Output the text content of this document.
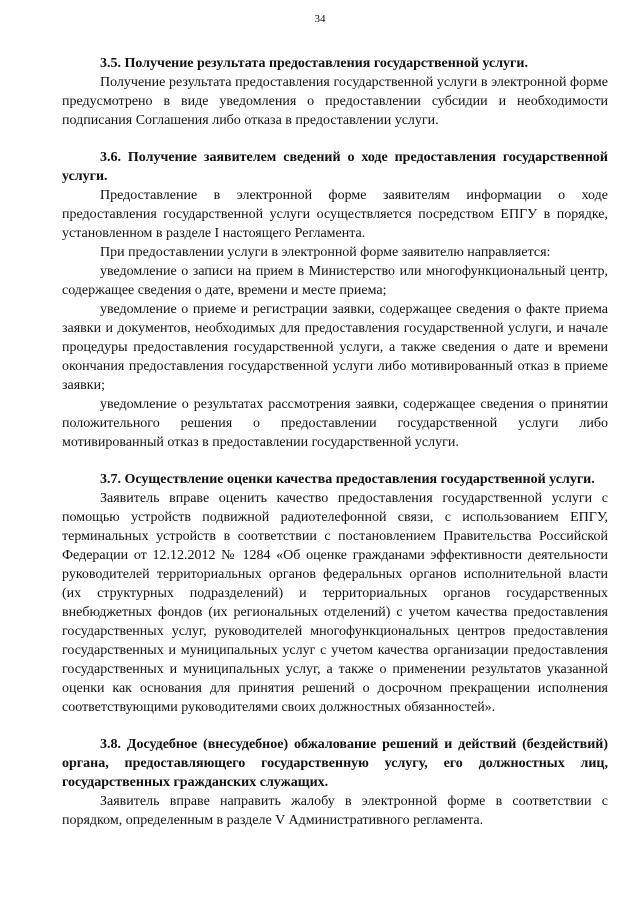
34

3.5. Получение результата предоставления государственной услуги.

Получение результата предоставления государственной услуги в электронной форме предусмотрено в виде уведомления о предоставлении субсидии и необходимости подписания Соглашения либо отказа в предоставлении услуги.

3.6. Получение заявителем сведений о ходе предоставления государственной услуги.

Предоставление в электронной форме заявителям информации о ходе предоставления государственной услуги осуществляется посредством ЕПГУ в порядке, установленном в разделе I настоящего Регламента.

При предоставлении услуги в электронной форме заявителю направляется:

уведомление о записи на прием в Министерство или многофункциональный центр, содержащее сведения о дате, времени и месте приема;

уведомление о приеме и регистрации заявки, содержащее сведения о факте приема заявки и документов, необходимых для предоставления государственной услуги, и начале процедуры предоставления государственной услуги, а также сведения о дате и времени окончания предоставления государственной услуги либо мотивированный отказ в приеме заявки;

уведомление о результатах рассмотрения заявки, содержащее сведения о принятии положительного решения о предоставлении государственной услуги либо мотивированный отказ в предоставлении государственной услуги.

3.7. Осуществление оценки качества предоставления государственной услуги.

Заявитель вправе оценить качество предоставления государственной услуги с помощью устройств подвижной радиотелефонной связи, с использованием ЕПГУ, терминальных устройств в соответствии с постановлением Правительства Российской Федерации от 12.12.2012 № 1284 «Об оценке гражданами эффективности деятельности руководителей территориальных органов федеральных органов исполнительной власти (их структурных подразделений) и территориальных органов государственных внебюджетных фондов (их региональных отделений) с учетом качества предоставления государственных услуг, руководителей многофункциональных центров предоставления государственных и муниципальных услуг с учетом качества организации предоставления государственных и муниципальных услуг, а также о применении результатов указанной оценки как основания для принятия решений о досрочном прекращении исполнения соответствующими руководителями своих должностных обязанностей».

3.8. Досудебное (внесудебное) обжалование решений и действий (бездействий) органа, предоставляющего государственную услугу, его должностных лиц, государственных гражданских служащих.

Заявитель вправе направить жалобу в электронной форме в соответствии с порядком, определенным в разделе V Административного регламента.
